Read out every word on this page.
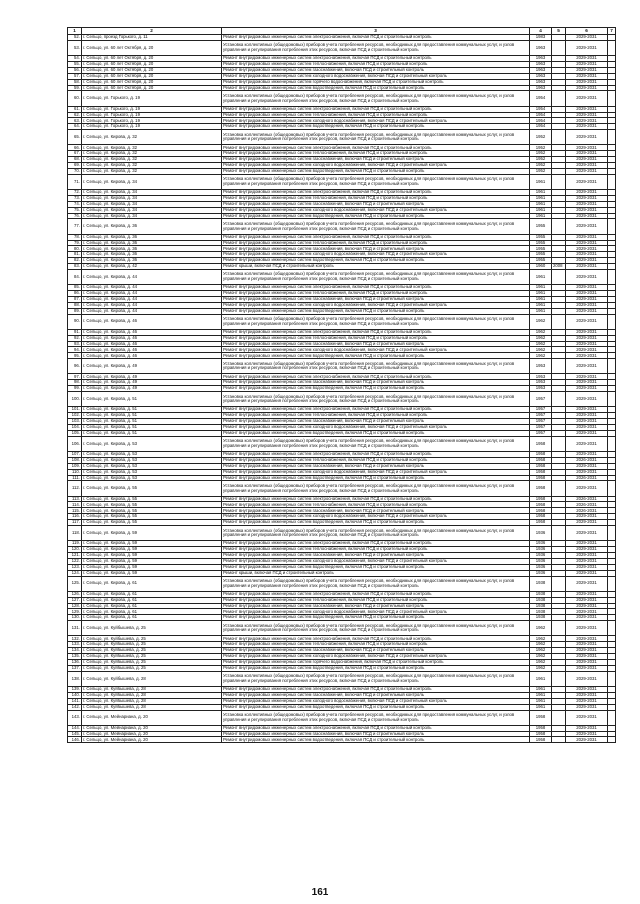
1	2	3	4	5	6	7
52.	г. Сельцо, проезд Горького, д. 11	Ремонт внутридомовых инженерных систем электроснабжения, включая ПСД и строительный контроль	1983		2029-2031	
53.	г. Сельцо, ул. 60 лет Октября, д. 20	Установка коллективных (общедомовых) приборов учета потребления ресурсов, необходимых для предоставления коммунальных услуг, и узлов управления и регулирования потребления этих ресурсов, включая ПСД и строительный контроль	1963		2029-2031	
54.	г. Сельцо, ул. 60 лет Октября, д. 20	Ремонт внутридомовых инженерных систем электроснабжения, включая ПСД и строительный контроль	1963		2029-2031	
55.	г. Сельцо, ул. 60 лет Октября, д. 20	Ремонт внутридомовых инженерных систем теплоснабжения, включая ПСД и строительный контроль	1963		2029-2031	
56.	г. Сельцо, ул. 60 лет Октября, д. 20	Ремонт внутридомовых инженерных систем газоснабжения, включая ПСД и строительный контроль	1963		2029-2031	
57.	г. Сельцо, ул. 60 лет Октября, д. 20	Ремонт внутридомовых инженерных систем холодного водоснабжения, включая ПСД и строительный контроль	1963		2029-2031	
58.	г. Сельцо, ул. 60 лет Октября, д. 20	Ремонт внутридомовых инженерных систем горячего водоснабжения, включая ПСД и строительный контроль	1963		2029-2031	
59.	г. Сельцо, ул. 60 лет Октября, д. 20	Ремонт внутридомовых инженерных систем водоотведения, включая ПСД и строительный контроль	1963		2029-2031	
60.	г. Сельцо, ул. Горького, д. 19	Установка коллективных (общедомовых) приборов учета потребления ресурсов, необходимых для предоставления коммунальных услуг, и узлов управления и регулирования потребления этих ресурсов, включая ПСД и строительный контроль	1954		2029-2031	
61.	г. Сельцо, ул. Горького, д. 19	Ремонт внутридомовых инженерных систем электроснабжения, включая ПСД и строительный контроль	1954		2029-2031	
62.	г. Сельцо, ул. Горького, д. 19	Ремонт внутридомовых инженерных систем теплоснабжения, включая ПСД и строительный контроль	1954		2029-2031	
63.	г. Сельцо, ул. Горького, д. 19	Ремонт внутридомовых инженерных систем холодного водоснабжения, включая ПСД и строительный контроль	1954		2029-2031	
64.	г. Сельцо, ул. Горького, д. 19	Ремонт внутридомовых инженерных систем водоотведения, включая ПСД и строительный контроль	1954		2029-2031	
65.	г. Сельцо, ул. Кирова, д. 32	Установка коллективных (общедомовых) приборов учета потребления ресурсов, необходимых для предоставления коммунальных услуг, и узлов управления и регулирования потребления этих ресурсов, включая ПСД и строительный контроль	1952		2029-2031	
66.	г. Сельцо, ул. Кирова, д. 32	Ремонт внутридомовых инженерных систем электроснабжения, включая ПСД и строительный контроль	1952		2029-2031	
67.	г. Сельцо, ул. Кирова, д. 32	Ремонт внутридомовых инженерных систем теплоснабжения, включая ПСД и строительный контроль	1952		2029-2031	
68.	г. Сельцо, ул. Кирова, д. 32	Ремонт внутридомовых инженерных систем газоснабжения, включая ПСД и строительный контроль	1952		2029-2031	
69.	г. Сельцо, ул. Кирова, д. 32	Ремонт внутридомовых инженерных систем холодного водоснабжения, включая ПСД и строительный контроль	1952		2029-2031	
70.	г. Сельцо, ул. Кирова, д. 32	Ремонт внутридомовых инженерных систем водоотведения, включая ПСД и строительный контроль	1952		2029-2031	
71.	г. Сельцо, ул. Кирова, д. 34	Установка коллективных (общедомовых) приборов учета потребления ресурсов, необходимых для предоставления коммунальных услуг, и узлов управления и регулирования потребления этих ресурсов, включая ПСД и строительный контроль	1961		2029-2031	
72.	г. Сельцо, ул. Кирова, д. 34	Ремонт внутридомовых инженерных систем электроснабжения, включая ПСД и строительный контроль	1961		2029-2031	
73.	г. Сельцо, ул. Кирова, д. 34	Ремонт внутридомовых инженерных систем теплоснабжения, включая ПСД и строительный контроль	1961		2029-2031	
74.	г. Сельцо, ул. Кирова, д. 34	Ремонт внутридомовых инженерных систем газоснабжения, включая ПСД и строительный контроль	1961		2029-2031	
75.	г. Сельцо, ул. Кирова, д. 34	Ремонт внутридомовых инженерных систем холодного водоснабжения, включая ПСД и строительный контроль	1961		2029-2031	
76.	г. Сельцо, ул. Кирова, д. 34	Ремонт внутридомовых инженерных систем водоотведения, включая ПСД и строительный контроль	1961		2029-2031	
77.	г. Сельцо, ул. Кирова, д. 36	Установка коллективных (общедомовых) приборов учета потребления ресурсов, необходимых для предоставления коммунальных услуг, и узлов управления и регулирования потребления этих ресурсов, включая ПСД и строительный контроль	1955		2029-2031	
78.	г. Сельцо, ул. Кирова, д. 36	Ремонт внутридомовых инженерных систем электроснабжения, включая ПСД и строительный контроль	1955		2029-2031	
79.	г. Сельцо, ул. Кирова, д. 36	Ремонт внутридомовых инженерных систем теплоснабжения, включая ПСД и строительный контроль	1955		2029-2031	
80.	г. Сельцо, ул. Кирова, д. 36	Ремонт внутридомовых инженерных систем газоснабжения, включая ПСД и строительный контроль	1955		2029-2031	
81.	г. Сельцо, ул. Кирова, д. 36	Ремонт внутридомовых инженерных систем холодного водоснабжения, включая ПСД и строительный контроль	1955		2029-2031	
82.	г. Сельцо, ул. Кирова, д. 36	Ремонт внутридомовых инженерных систем водоотведения, включая ПСД и строительный контроль	1955		2029-2031	
83.	г. Сельцо, ул. Кирова, д. 42	Ремонт крыши, включая ПСД и строительный контроль	1960	2008	2029-2031	
84.	г. Сельцо, ул. Кирова, д. 44	Установка коллективных (общедомовых) приборов учета потребления ресурсов, необходимых для предоставления коммунальных услуг, и узлов управления и регулирования потребления этих ресурсов, включая ПСД и строительный контроль	1961		2029-2031	
85.	г. Сельцо, ул. Кирова, д. 44	Ремонт внутридомовых инженерных систем электроснабжения, включая ПСД и строительный контроль	1961		2029-2031	
86.	г. Сельцо, ул. Кирова, д. 44	Ремонт внутридомовых инженерных систем теплоснабжения, включая ПСД и строительный контроль	1961		2029-2031	
87.	г. Сельцо, ул. Кирова, д. 44	Ремонт внутридомовых инженерных систем газоснабжения, включая ПСД и строительный контроль	1961		2029-2031	
88.	г. Сельцо, ул. Кирова, д. 44	Ремонт внутридомовых инженерных систем холодного водоснабжения, включая ПСД и строительный контроль	1961		2029-2031	
89.	г. Сельцо, ул. Кирова, д. 44	Ремонт внутридомовых инженерных систем водоотведения, включая ПСД и строительный контроль	1961		2029-2031	
90.	г. Сельцо, ул. Кирова, д. 46	Установка коллективных (общедомовых) приборов учета потребления ресурсов, необходимых для предоставления коммунальных услуг, и узлов управления и регулирования потребления этих ресурсов, включая ПСД и строительный контроль	1962		2029-2031	
91.	г. Сельцо, ул. Кирова, д. 46	Ремонт внутридомовых инженерных систем электроснабжения, включая ПСД и строительный контроль	1962		2029-2031	
92.	г. Сельцо, ул. Кирова, д. 46	Ремонт внутридомовых инженерных систем теплоснабжения, включая ПСД и строительный контроль	1962		2029-2031	
93.	г. Сельцо, ул. Кирова, д. 46	Ремонт внутридомовых инженерных систем газоснабжения, включая ПСД и строительный контроль	1962		2029-2031	
94.	г. Сельцо, ул. Кирова, д. 46	Ремонт внутридомовых инженерных систем холодного водоснабжения, включая ПСД и строительный контроль	1962		2029-2031	
95.	г. Сельцо, ул. Кирова, д. 46	Ремонт внутридомовых инженерных систем водоотведения, включая ПСД и строительный контроль	1962		2029-2031	
96.	г. Сельцо, ул. Кирова, д. 49	Установка коллективных (общедомовых) приборов учета потребления ресурсов, необходимых для предоставления коммунальных услуг, и узлов управления и регулирования потребления этих ресурсов, включая ПСД и строительный контроль	1953		2029-2031	
97.	г. Сельцо, ул. Кирова, д. 49	Ремонт внутридомовых инженерных систем электроснабжения, включая ПСД и строительный контроль	1953		2029-2031	
98.	г. Сельцо, ул. Кирова, д. 49	Ремонт внутридомовых инженерных систем газоснабжения, включая ПСД и строительный контроль	1953		2029-2031	
99.	г. Сельцо, ул. Кирова, д. 49	Ремонт внутридомовых инженерных систем водоотведения, включая ПСД и строительный контроль	1953		2029-2031	
100.	г. Сельцо, ул. Кирова, д. 51	Установка коллективных (общедомовых) приборов учета потребления ресурсов, необходимых для предоставления коммунальных услуг, и узлов управления и регулирования потребления этих ресурсов, включая ПСД и строительный контроль	1957		2029-2031	
101.	г. Сельцо, ул. Кирова, д. 51	Ремонт внутридомовых инженерных систем электроснабжения, включая ПСД и строительный контроль	1957		2029-2031	
102.	г. Сельцо, ул. Кирова, д. 51	Ремонт внутридомовых инженерных систем теплоснабжения, включая ПСД и строительный контроль	1957		2029-2031	
103.	г. Сельцо, ул. Кирова, д. 51	Ремонт внутридомовых инженерных систем газоснабжения, включая ПСД и строительный контроль	1957		2029-2031	
104.	г. Сельцо, ул. Кирова, д. 51	Ремонт внутридомовых инженерных систем холодного водоснабжения, включая ПСД и строительный контроль	1957		2029-2031	
105.	г. Сельцо, ул. Кирова, д. 51	Ремонт внутридомовых инженерных систем водоотведения, включая ПСД и строительный контроль	1957		2029-2031	
106.	г. Сельцо, ул. Кирова, д. 53	Установка коллективных (общедомовых) приборов учета потребления ресурсов, необходимых для предоставления коммунальных услуг, и узлов управления и регулирования потребления этих ресурсов, включая ПСД и строительный контроль	1958		2029-2031	
107.	г. Сельцо, ул. Кирова, д. 53	Ремонт внутридомовых инженерных систем электроснабжения, включая ПСД и строительный контроль	1958		2029-2031	
108.	г. Сельцо, ул. Кирова, д. 53	Ремонт внутридомовых инженерных систем теплоснабжения, включая ПСД и строительный контроль	1958		2026-2031	
109.	г. Сельцо, ул. Кирова, д. 53	Ремонт внутридомовых инженерных систем газоснабжения, включая ПСД и строительный контроль	1958		2029-2031	
110.	г. Сельцо, ул. Кирова, д. 53	Ремонт внутридомовых инженерных систем холодного водоснабжения, включая ПСД и строительный контроль	1958		2029-2031	
111.	г. Сельцо, ул. Кирова, д. 53	Ремонт внутридомовых инженерных систем водоотведения, включая ПСД и строительный контроль	1958		2026-2031	
112.	г. Сельцо, ул. Кирова, д. 55	Установка коллективных (общедомовых) приборов учета потребления ресурсов, необходимых для предоставления коммунальных услуг, и узлов управления и регулирования потребления этих ресурсов, включая ПСД и строительный контроль	1958		2029-2031	
113.	г. Сельцо, ул. Кирова, д. 55	Ремонт внутридомовых инженерных систем электроснабжения, включая ПСД и строительный контроль	1958		2026-2031	
114.	г. Сельцо, ул. Кирова, д. 55	Ремонт внутридомовых инженерных систем теплоснабжения, включая ПСД и строительный контроль	1958		2026-2031	
115.	г. Сельцо, ул. Кирова, д. 55	Ремонт внутридомовых инженерных систем газоснабжения, включая ПСД и строительный контроль	1958		2026-2031	
116.	г. Сельцо, ул. Кирова, д. 55	Ремонт внутридомовых инженерных систем холодного водоснабжения, включая ПСД и строительный контроль	1958		2029-2031	
117.	г. Сельцо, ул. Кирова, д. 55	Ремонт внутридомовых инженерных систем водоотведения, включая ПСД и строительный контроль	1958		2029-2031	
118.	г. Сельцо, ул. Кирова, д. 59	Установка коллективных (общедомовых) приборов учета потребления ресурсов, необходимых для предоставления коммунальных услуг, и узлов управления и регулирования потребления этих ресурсов, включая ПСД и строительный контроль	1936		2029-2031	
119.	г. Сельцо, ул. Кирова, д. 59	Ремонт внутридомовых инженерных систем электроснабжения, включая ПСД и строительный контроль	1936		2029-2031	
120.	г. Сельцо, ул. Кирова, д. 59	Ремонт внутридомовых инженерных систем теплоснабжения, включая ПСД и строительный контроль	1936		2029-2031	
121.	г. Сельцо, ул. Кирова, д. 59	Ремонт внутридомовых инженерных систем газоснабжения, включая ПСД и строительный контроль	1936		2029-2031	
122.	г. Сельцо, ул. Кирова, д. 59	Ремонт внутридомовых инженерных систем холодного водоснабжения, включая ПСД и строительный контроль	1936		2029-2031	
123.	г. Сельцо, ул. Кирова, д. 59	Ремонт внутридомовых инженерных систем водоотведения, включая ПСД и строительный контроль	1936		2029-2031	
124.	г. Сельцо, ул. Кирова, д. 59	Ремонт крыши, включая ПСД и строительный контроль	1936		2029-2031	
125.	г. Сельцо, ул. Кирова, д. 61	Установка коллективных (общедомовых) приборов учета потребления ресурсов, необходимых для предоставления коммунальных услуг, и узлов управления и регулирования потребления этих ресурсов, включая ПСД и строительный контроль	1938		2029-2031	
126.	г. Сельцо, ул. Кирова, д. 61	Ремонт внутридомовых инженерных систем электроснабжения, включая ПСД и строительный контроль	1938		2029-2031	
127.	г. Сельцо, ул. Кирова, д. 61	Ремонт внутридомовых инженерных систем теплоснабжения, включая ПСД и строительный контроль	1938		2029-2031	
128.	г. Сельцо, ул. Кирова, д. 61	Ремонт внутридомовых инженерных систем газоснабжения, включая ПСД и строительный контроль	1938		2029-2031	
129.	г. Сельцо, ул. Кирова, д. 61	Ремонт внутридомовых инженерных систем холодного водоснабжения, включая ПСД и строительный контроль	1938		2029-2031	
130.	г. Сельцо, ул. Кирова, д. 61	Ремонт внутридомовых инженерных систем водоотведения, включая ПСД и строительный контроль	1938		2029-2031	
131.	г. Сельцо, ул. Куйбышева, д. 25	Установка коллективных (общедомовых) приборов учета потребления ресурсов, необходимых для предоставления коммунальных услуг, и узлов управления и регулирования потребления этих ресурсов, включая ПСД и строительный контроль	1962		2029-2031	
132.	г. Сельцо, ул. Куйбышева, д. 25	Ремонт внутридомовых инженерных систем электроснабжения, включая ПСД и строительный контроль	1962		2029-2031	
133.	г. Сельцо, ул. Куйбышева, д. 25	Ремонт внутридомовых инженерных систем теплоснабжения, включая ПСД и строительный контроль	1962		2029-2031	
134.	г. Сельцо, ул. Куйбышева, д. 25	Ремонт внутридомовых инженерных систем газоснабжения, включая ПСД и строительный контроль	1962		2029-2031	
135.	г. Сельцо, ул. Куйбышева, д. 25	Ремонт внутридомовых инженерных систем холодного водоснабжения, включая ПСД и строительный контроль	1962		2029-2031	
136.	г. Сельцо, ул. Куйбышева, д. 25	Ремонт внутридомовых инженерных систем горячего водоснабжения, включая ПСД и строительный контроль	1962		2029-2031	
137.	г. Сельцо, ул. Куйбышева, д. 25	Ремонт внутридомовых инженерных систем водоотведения, включая ПСД и строительный контроль	1962		2029-2031	
138.	г. Сельцо, ул. Куйбышева, д. 28	Установка коллективных (общедомовых) приборов учета потребления ресурсов, необходимых для предоставления коммунальных услуг, и узлов управления и регулирования потребления этих ресурсов, включая ПСД и строительный контроль	1961		2029-2031	
139.	г. Сельцо, ул. Куйбышева, д. 28	Ремонт внутридомовых инженерных систем электроснабжения, включая ПСД и строительный контроль	1961		2029-2031	
140.	г. Сельцо, ул. Куйбышева, д. 28	Ремонт внутридомовых инженерных систем газоснабжения, включая ПСД и строительный контроль	1961		2029-2031	
141.	г. Сельцо, ул. Куйбышева, д. 28	Ремонт внутридомовых инженерных систем холодного водоснабжения, включая ПСД и строительный контроль	1961		2029-2031	
142.	г. Сельцо, ул. Куйбышева, д. 28	Ремонт внутридомовых инженерных систем водоотведения, включая ПСД и строительный контроль	1961		2029-2031	
143.	г. Сельцо, ул. Мейнариана, д. 20	Установка коллективных (общедомовых) приборов учета потребления ресурсов, необходимых для предоставления коммунальных услуг, и узлов управления и регулирования потребления этих ресурсов, включая ПСД и строительный контроль	1958		2029-2031	
144.	г. Сельцо, ул. Мейнариана, д. 20	Ремонт внутридомовых инженерных систем электроснабжения, включая ПСД и строительный контроль	1958		2029-2031	
145.	г. Сельцо, ул. Мейнариана, д. 20	Ремонт внутридомовых инженерных систем газоснабжения, включая ПСД и строительный контроль	1958		2029-2031	
146.	г. Сельцо, ул. Мейнариана, д. 20	Ремонт внутридомовых инженерных систем водоотведения, включая ПСД и строительный контроль	1958		2029-2031	
161
